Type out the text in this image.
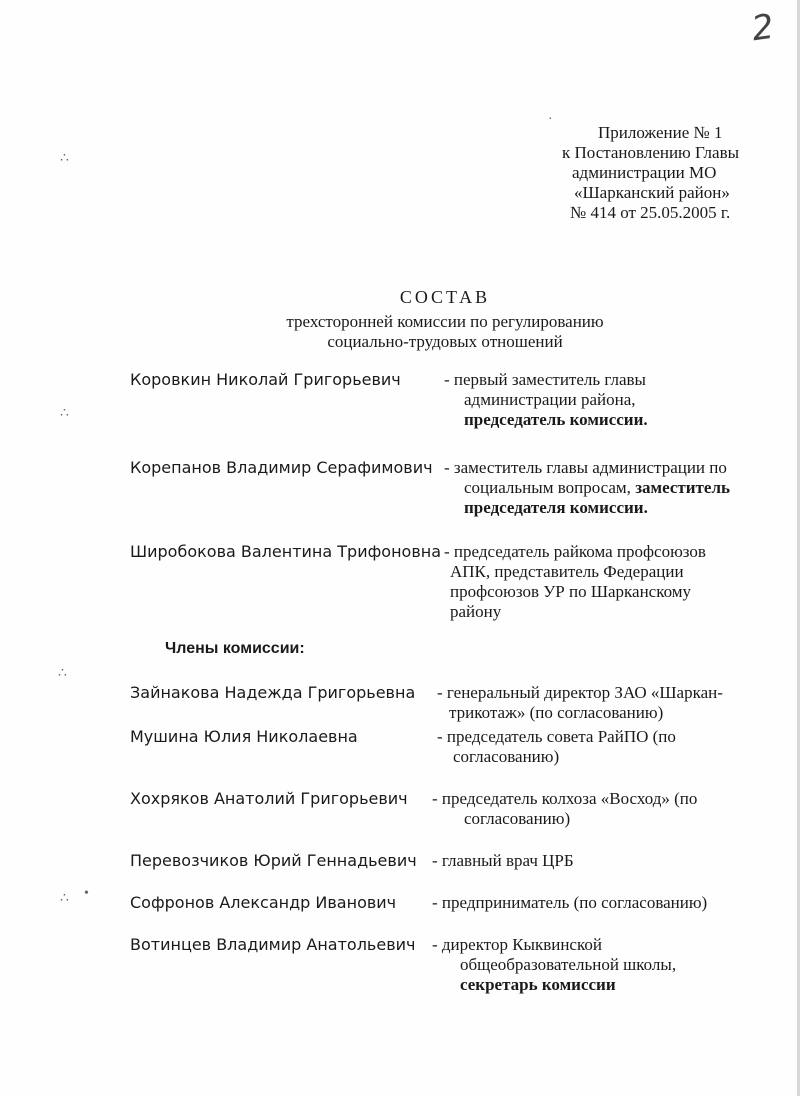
2
·
∴
∴
∴
∴ •
Приложение № 1
к Постановлению Главы
администрации МО
«Шарканский район»
№ 414 от 25.05.2005 г.
СОСТАВ
трехсторонней комиссии по регулированию
социально-трудовых отношений
Коровкин Николай Григорьевич	- первый заместитель главы
администрации района,
председатель комиссии.
Корепанов Владимир Серафимович - заместитель главы администрации по
социальным вопросам, заместитель
председателя комиссии.
Широбокова Валентина Трифоновна - председатель райкома профсоюзов
АПК, представитель Федерации
профсоюзов УР по Шарканскому
району
Члены комиссии:
Зайнакова Надежда Григорьевна - генеральный директор ЗАО «Шаркан-
трикотаж» (по согласованию)
Мушина Юлия Николаевна	- председатель совета РайПО (по
согласованию)
Хохряков Анатолий Григорьевич - председатель колхоза «Восход» (по
согласованию)
Перевозчиков Юрий Геннадьевич - главный врач ЦРБ
Софронов Александр Иванович - предприниматель (по согласованию)
Вотинцев Владимир Анатольевич - директор Кыквинской
общеобразовательной школы,
секретарь комиссии
